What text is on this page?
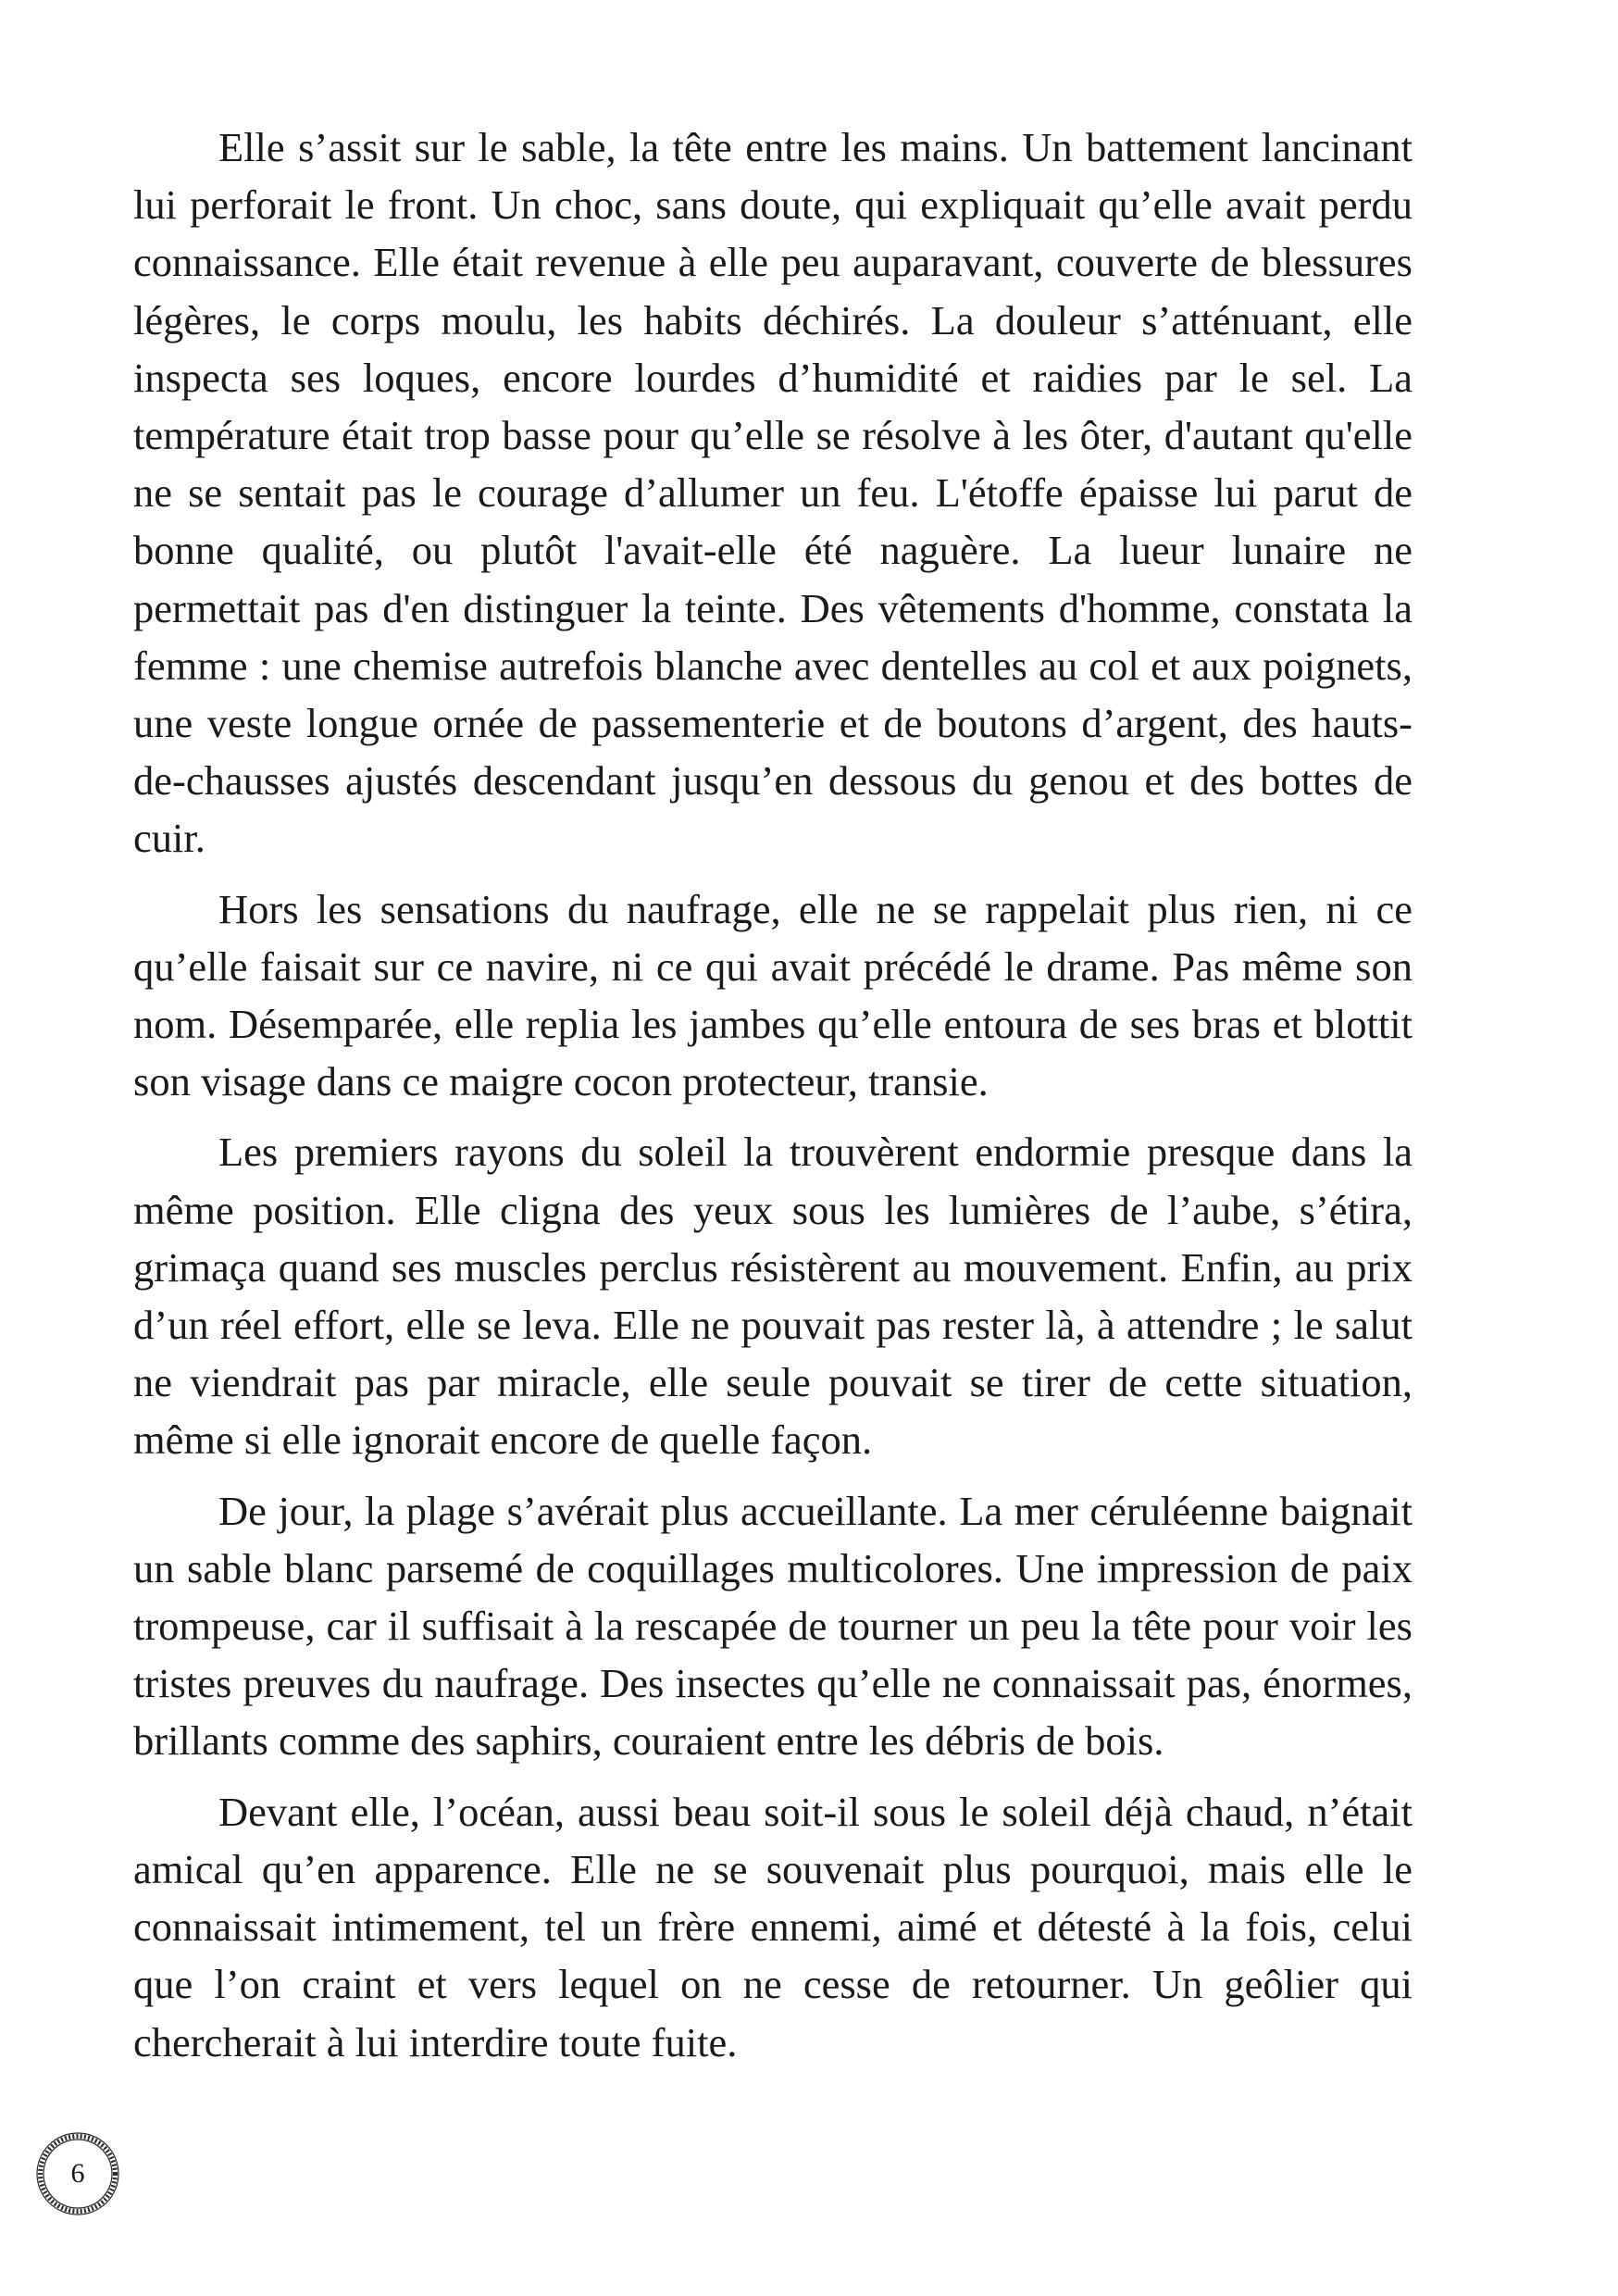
Elle s’assit sur le sable, la tête entre les mains. Un battement lancinant lui perforait le front. Un choc, sans doute, qui expliquait qu’elle avait perdu connaissance. Elle était revenue à elle peu auparavant, couverte de blessures légères, le corps moulu, les habits déchirés. La douleur s’atténuant, elle inspecta ses loques, encore lourdes d’humidité et raidies par le sel. La température était trop basse pour qu’elle se résolve à les ôter, d'autant qu'elle ne se sentait pas le courage d’allumer un feu. L'étoffe épaisse lui parut de bonne qualité, ou plutôt l'avait-elle été naguère. La lueur lunaire ne permettait pas d'en distinguer la teinte. Des vêtements d'homme, constata la femme : une chemise autrefois blanche avec dentelles au col et aux poignets, une veste longue ornée de passementerie et de boutons d’argent, des hauts-de-chausses ajustés descendant jusqu’en dessous du genou et des bottes de cuir.

Hors les sensations du naufrage, elle ne se rappelait plus rien, ni ce qu’elle faisait sur ce navire, ni ce qui avait précédé le drame. Pas même son nom. Désemparée, elle replia les jambes qu’elle entoura de ses bras et blottit son visage dans ce maigre cocon protecteur, transie.

Les premiers rayons du soleil la trouvèrent endormie presque dans la même position. Elle cligna des yeux sous les lumières de l’aube, s’étira, grimaça quand ses muscles perclus résistèrent au mouvement. Enfin, au prix d’un réel effort, elle se leva. Elle ne pouvait pas rester là, à attendre ; le salut ne viendrait pas par miracle, elle seule pouvait se tirer de cette situation, même si elle ignorait encore de quelle façon.

De jour, la plage s’avérait plus accueillante. La mer céruléenne baignait un sable blanc parsemé de coquillages multicolores. Une impression de paix trompeuse, car il suffisait à la rescapée de tourner un peu la tête pour voir les tristes preuves du naufrage. Des insectes qu’elle ne connaissait pas, énormes, brillants comme des saphirs, couraient entre les débris de bois.

Devant elle, l’océan, aussi beau soit-il sous le soleil déjà chaud, n’était amical qu’en apparence. Elle ne se souvenait plus pourquoi, mais elle le connaissait intimement, tel un frère ennemi, aimé et détesté à la fois, celui que l’on craint et vers lequel on ne cesse de retourner. Un geôlier qui chercherait à lui interdire toute fuite.

6
